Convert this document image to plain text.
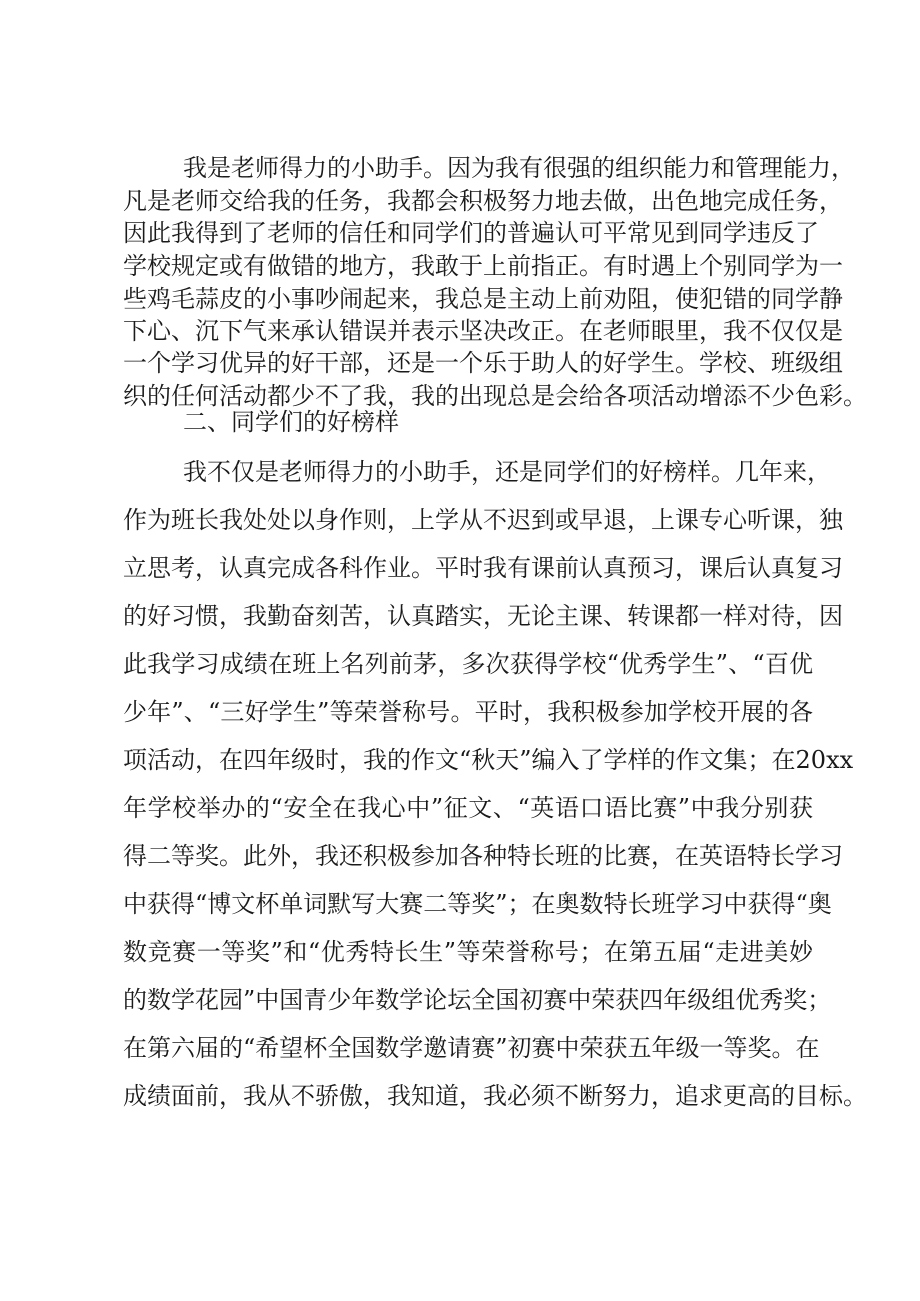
我是老师得力的小助手。因为我有很强的组织能力和管理能力，
凡是老师交给我的任务，我都会积极努力地去做，出色地完成任务，
因此我得到了老师的信任和同学们的普遍认可平常见到同学违反了
学校规定或有做错的地方，我敢于上前指正。有时遇上个别同学为一
些鸡毛蒜皮的小事吵闹起来，我总是主动上前劝阻，使犯错的同学静
下心、沉下气来承认错误并表示坚决改正。在老师眼里，我不仅仅是
一个学习优异的好干部，还是一个乐于助人的好学生。学校、班级组
织的任何活动都少不了我，我的出现总是会给各项活动增添不少色彩。
二、同学们的好榜样
我不仅是老师得力的小助手，还是同学们的好榜样。几年来，
作为班长我处处以身作则，上学从不迟到或早退，上课专心听课，独
立思考，认真完成各科作业。平时我有课前认真预习，课后认真复习
的好习惯，我勤奋刻苦，认真踏实，无论主课、转课都一样对待，因
此我学习成绩在班上名列前茅，多次获得学校“优秀学生”、“百优
少年”、“三好学生”等荣誉称号。平时，我积极参加学校开展的各
项活动，在四年级时，我的作文“秋天”编入了学样的作文集；在20xx
年学校举办的“安全在我心中”征文、“英语口语比赛”中我分别获
得二等奖。此外，我还积极参加各种特长班的比赛，在英语特长学习
中获得“博文杯单词默写大赛二等奖”；在奥数特长班学习中获得“奥
数竞赛一等奖”和“优秀特长生”等荣誉称号；在第五届“走进美妙
的数学花园”中国青少年数学论坛全国初赛中荣获四年级组优秀奖；
在第六届的“希望杯全国数学邀请赛”初赛中荣获五年级一等奖。在
成绩面前，我从不骄傲，我知道，我必须不断努力，追求更高的目标。
